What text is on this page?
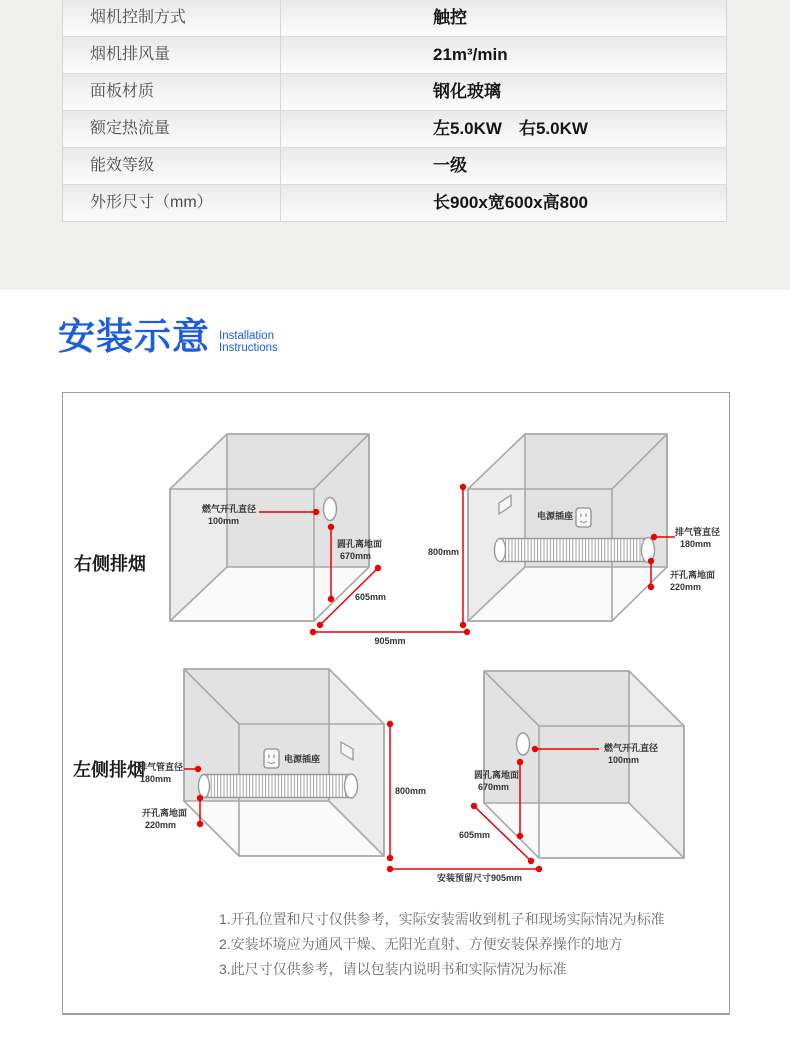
烟机控制方式	触控
烟机排风量	21m³/min
面板材质	钢化玻璃
额定热流量	左5.0KW　右5.0KW
能效等级	一级
外形尺寸（mm）	长900x宽600x高800
安装示意 Installation
Instructions
右侧排烟
左侧排烟
燃气开孔直径
100mm
圆孔离地面
670mm
605mm
800mm
905mm
电源插座
排气管直径
180mm
开孔离地面
220mm
排气管直径
180mm
开孔离地面
220mm
电源插座
800mm
安装预留尺寸905mm
燃气开孔直径
100mm
圆孔离地面
670mm
605mm
1.开孔位置和尺寸仅供参考，实际安装需收到机子和现场实际情况为标准
2.安装坏境应为通风干燥、无阳光直射、方便安装保养操作的地方
3.此尺寸仅供参考，请以包装内说明书和实际情况为标准
